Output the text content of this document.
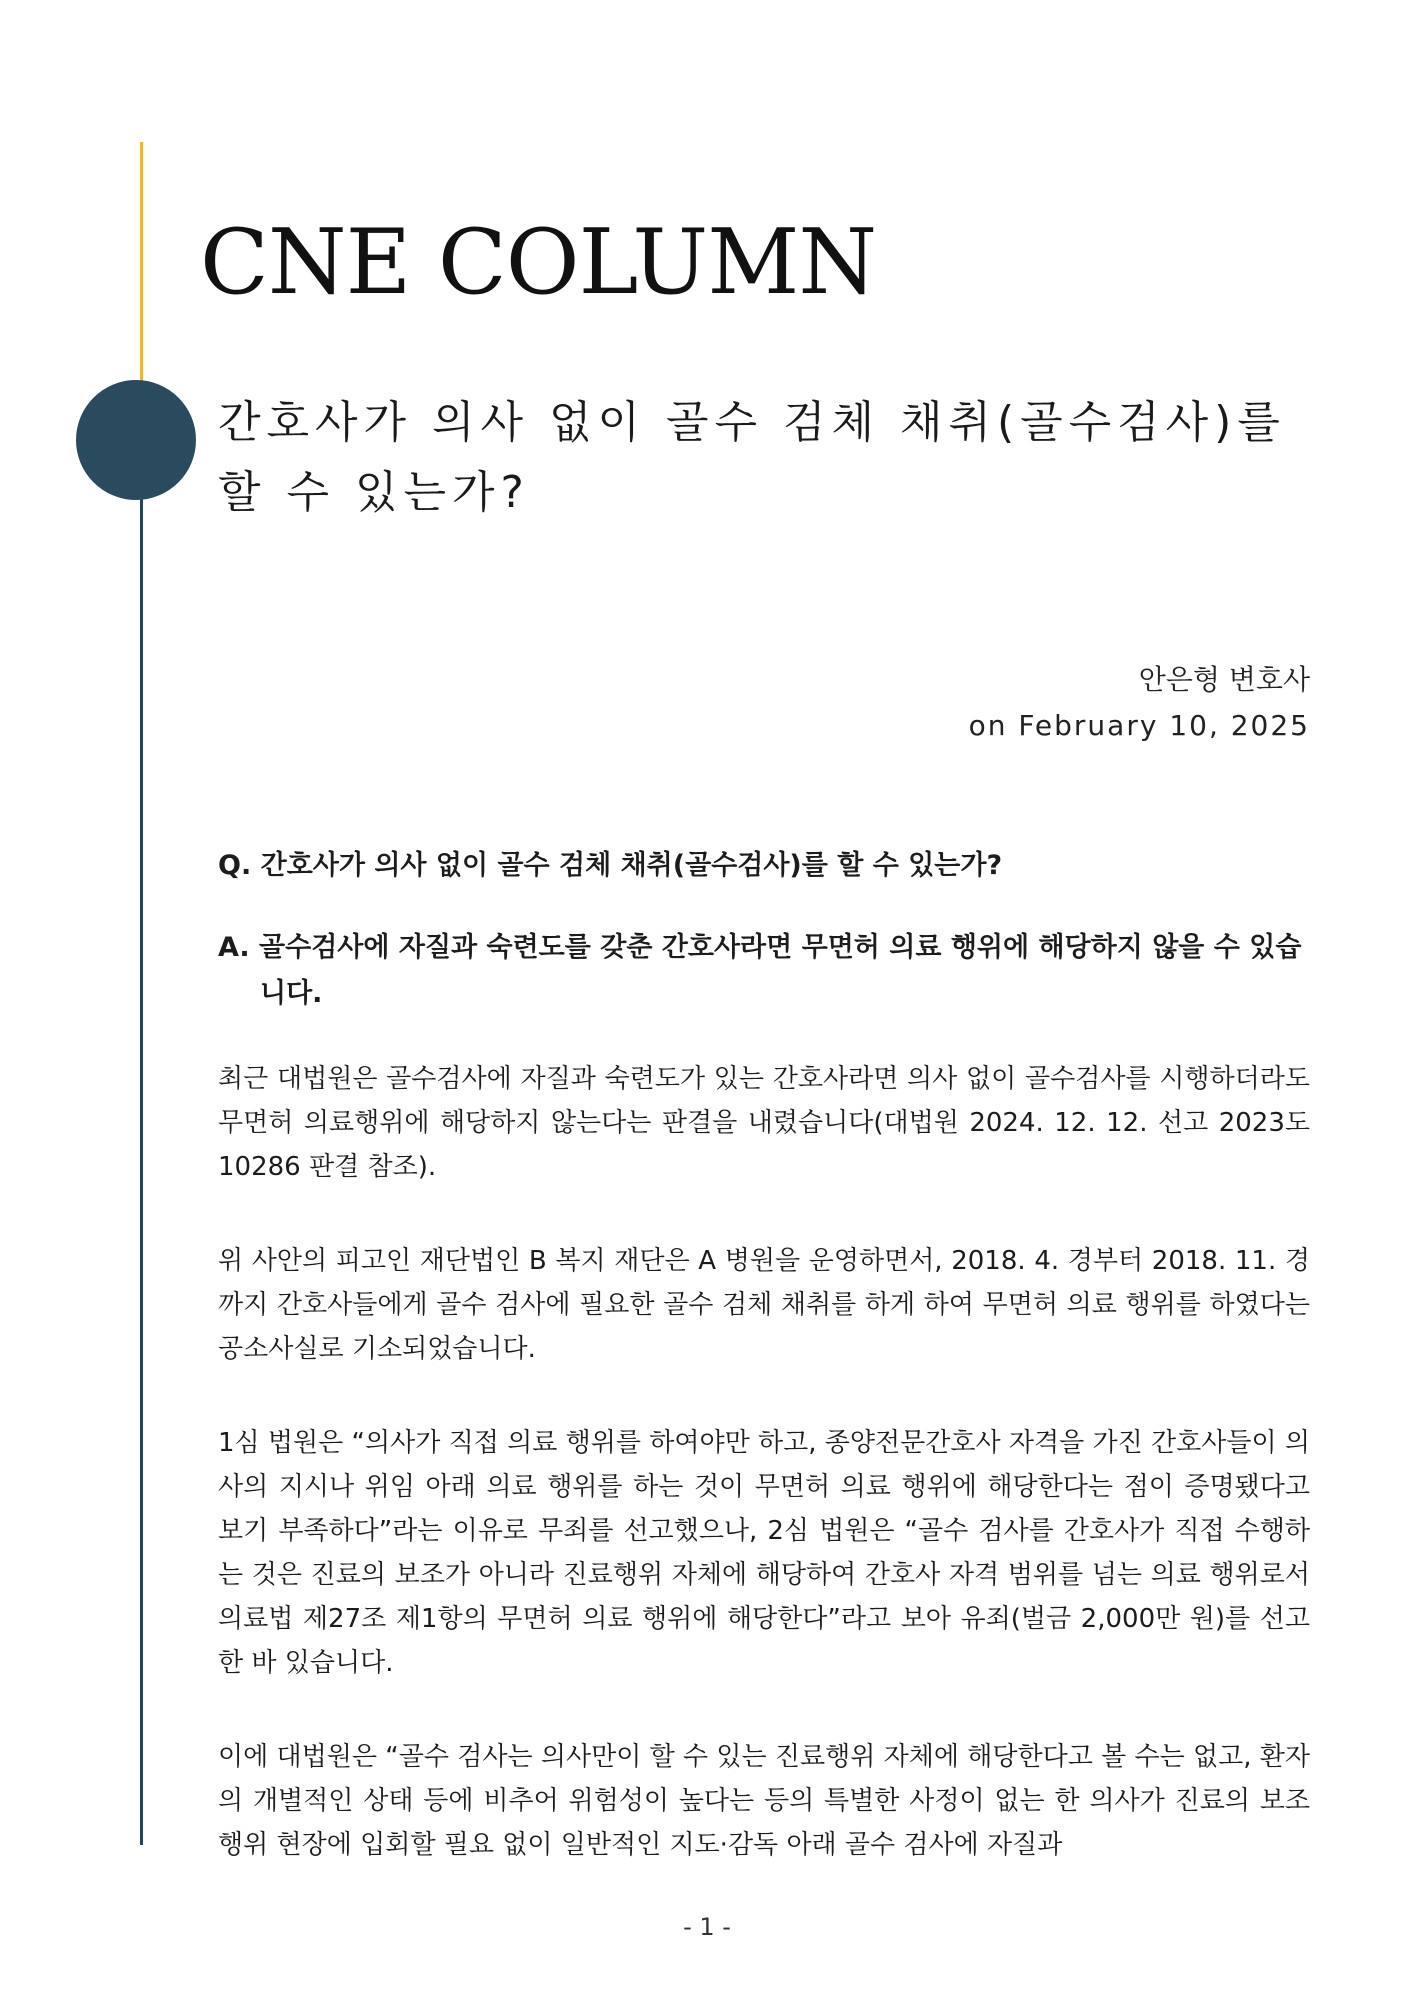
CNE COLUMN
간호사가 의사 없이 골수 검체 채취(골수검사)를 할 수 있는가?
안은형 변호사
on February 10, 2025

Q. 간호사가 의사 없이 골수 검체 채취(골수검사)를 할 수 있는가?

A. 골수검사에 자질과 숙련도를 갖춘 간호사라면 무면허 의료 행위에 해당하지 않을 수 있습니다.

최근 대법원은 골수검사에 자질과 숙련도가 있는 간호사라면 의사 없이 골수검사를 시행하더라도 무면허 의료행위에 해당하지 않는다는 판결을 내렸습니다(대법원 2024. 12. 12. 선고 2023도10286 판결 참조).

위 사안의 피고인 재단법인 B 복지 재단은 A 병원을 운영하면서, 2018. 4. 경부터 2018. 11. 경까지 간호사들에게 골수 검사에 필요한 골수 검체 채취를 하게 하여 무면허 의료 행위를 하였다는 공소사실로 기소되었습니다.

1심 법원은 “의사가 직접 의료 행위를 하여야만 하고, 종양전문간호사 자격을 가진 간호사들이 의사의 지시나 위임 아래 의료 행위를 하는 것이 무면허 의료 행위에 해당한다는 점이 증명됐다고 보기 부족하다”라는 이유로 무죄를 선고했으나, 2심 법원은 “골수 검사를 간호사가 직접 수행하는 것은 진료의 보조가 아니라 진료행위 자체에 해당하여 간호사 자격 범위를 넘는 의료 행위로서 의료법 제27조 제1항의 무면허 의료 행위에 해당한다”라고 보아 유죄(벌금 2,000만 원)를 선고한 바 있습니다.

이에 대법원은 “골수 검사는 의사만이 할 수 있는 진료행위 자체에 해당한다고 볼 수는 없고, 환자의 개별적인 상태 등에 비추어 위험성이 높다는 등의 특별한 사정이 없는 한 의사가 진료의 보조행위 현장에 입회할 필요 없이 일반적인 지도·감독 아래 골수 검사에 자질과

- 1 -
